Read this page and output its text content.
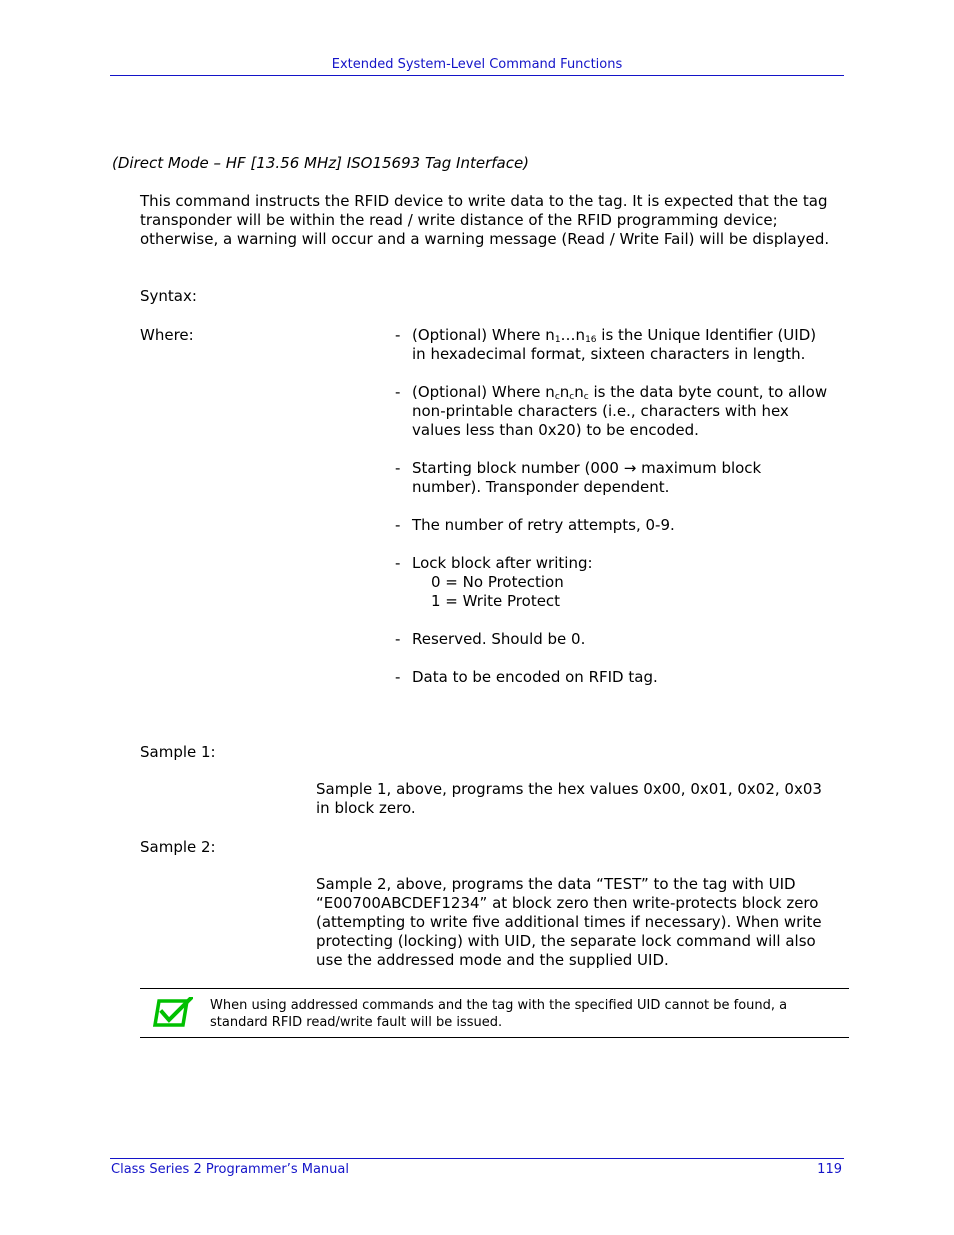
Extended System-Level Command Functions
(Direct Mode – HF [13.56 MHz] ISO15693 Tag Interface)

This command instructs the RFID device to write data to the tag. It is expected that the tag transponder will be within the read / write distance of the RFID programming device; otherwise, a warning will occur and a warning message (Read / Write Fail) will be displayed.

Syntax:
Where:	- (Optional) Where $n_1\dots n_{16}$ is the Unique Identifier (UID) in hexadecimal format, sixteen characters in length.
- (Optional) Where $n_cn_cn_c$ is the data byte count, to allow non-printable characters (i.e., characters with hex values less than 0x20) to be encoded.
- Starting block number (000 → maximum block number). Transponder dependent.
- The number of retry attempts, 0-9.
- Lock block after writing:
0 = No Protection
1 = Write Protect
- Reserved. Should be 0.
- Data to be encoded on RFID tag.
Sample 1:
Sample 1, above, programs the hex values 0x00, 0x01, 0x02, 0x03 in block zero.
Sample 2:
Sample 2, above, programs the data “TEST” to the tag with UID “E00700ABCDEF1234” at block zero then write-protects block zero (attempting to write five additional times if necessary). When write protecting (locking) with UID, the separate lock command will also use the addressed mode and the supplied UID.
When using addressed commands and the tag with the specified UID cannot be found, a standard RFID read/write fault will be issued.
Class Series 2 Programmer’s Manual	119
